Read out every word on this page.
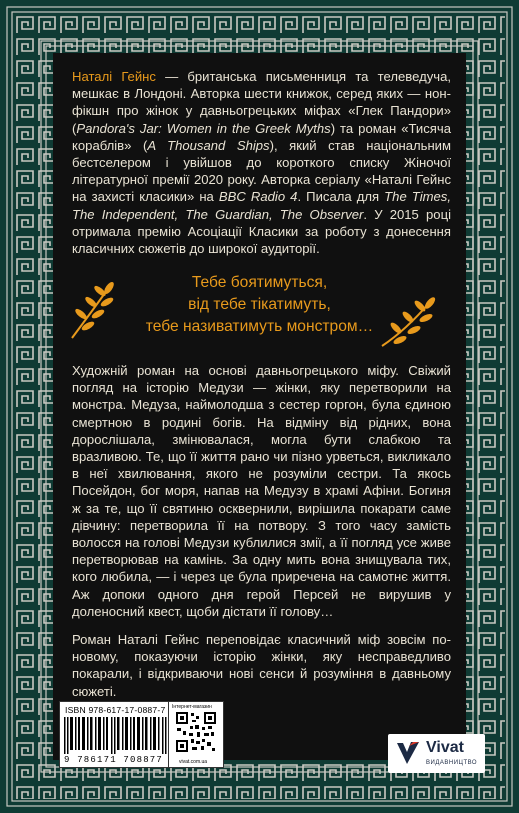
Наталі Гейнс — британська письменниця та телеведуча, мешкає в Лондоні. Авторка шести книжок, серед яких — нон-фікшн про жінок у давньогрецьких міфах «Глек Пандори» (Pandora's Jar: Women in the Greek Myths) та роман «Тисяча кораблів» (A Thousand Ships), який став національним бестселером і увійшов до короткого списку Жіночої літературної премії 2020 року. Авторка серіалу «Наталі Гейнс на захисті класики» на BBC Radio 4. Писала для The Times, The Independent, The Guardian, The Observer. У 2015 році отримала премію Асоціації Класики за роботу з донесення класичних сюжетів до широкої аудиторії.

Тебе боятимуться,
від тебе тікатимуть,
тебе називатимуть монстром…

Художній роман на основі давньогрецького міфу. Свіжий погляд на історію Медузи — жінки, яку перетворили на монстра. Медуза, наймолодша з сестер горгон, була єдиною смертною в родині богів. На відміну від рідних, вона дорослішала, змінювалася, могла бути слабкою та вразливою. Те, що її життя рано чи пізно урветься, викликало в неї хвилювання, якого не розуміли сестри. Та якось Посейдон, бог моря, напав на Медузу в храмі Афіни. Богиня ж за те, що її святиню осквернили, вирішила покарати саме дівчину: перетворила її на потвору. З того часу замість волосся на голові Медузи кублилися змії, а її погляд усе живе перетворював на камінь. За одну мить вона знищувала тих, кого любила, — і через це була приречена на самотнє життя. Аж допоки одного дня герой Персей не вирушив у доленосний квест, щоби дістати її голову…

Роман Наталі Гейнс переповідає класичний міф зовсім по-новому, показуючи історію жінки, яку несправедливо покарали, і відкриваючи нові сенси й розуміння в давньому сюжеті.

ISBN 978-617-17-0887-7
9 786171 708877
Інтернет-магазин
vivat.com.ua
Vivat
ВИДАВНИЦТВО
